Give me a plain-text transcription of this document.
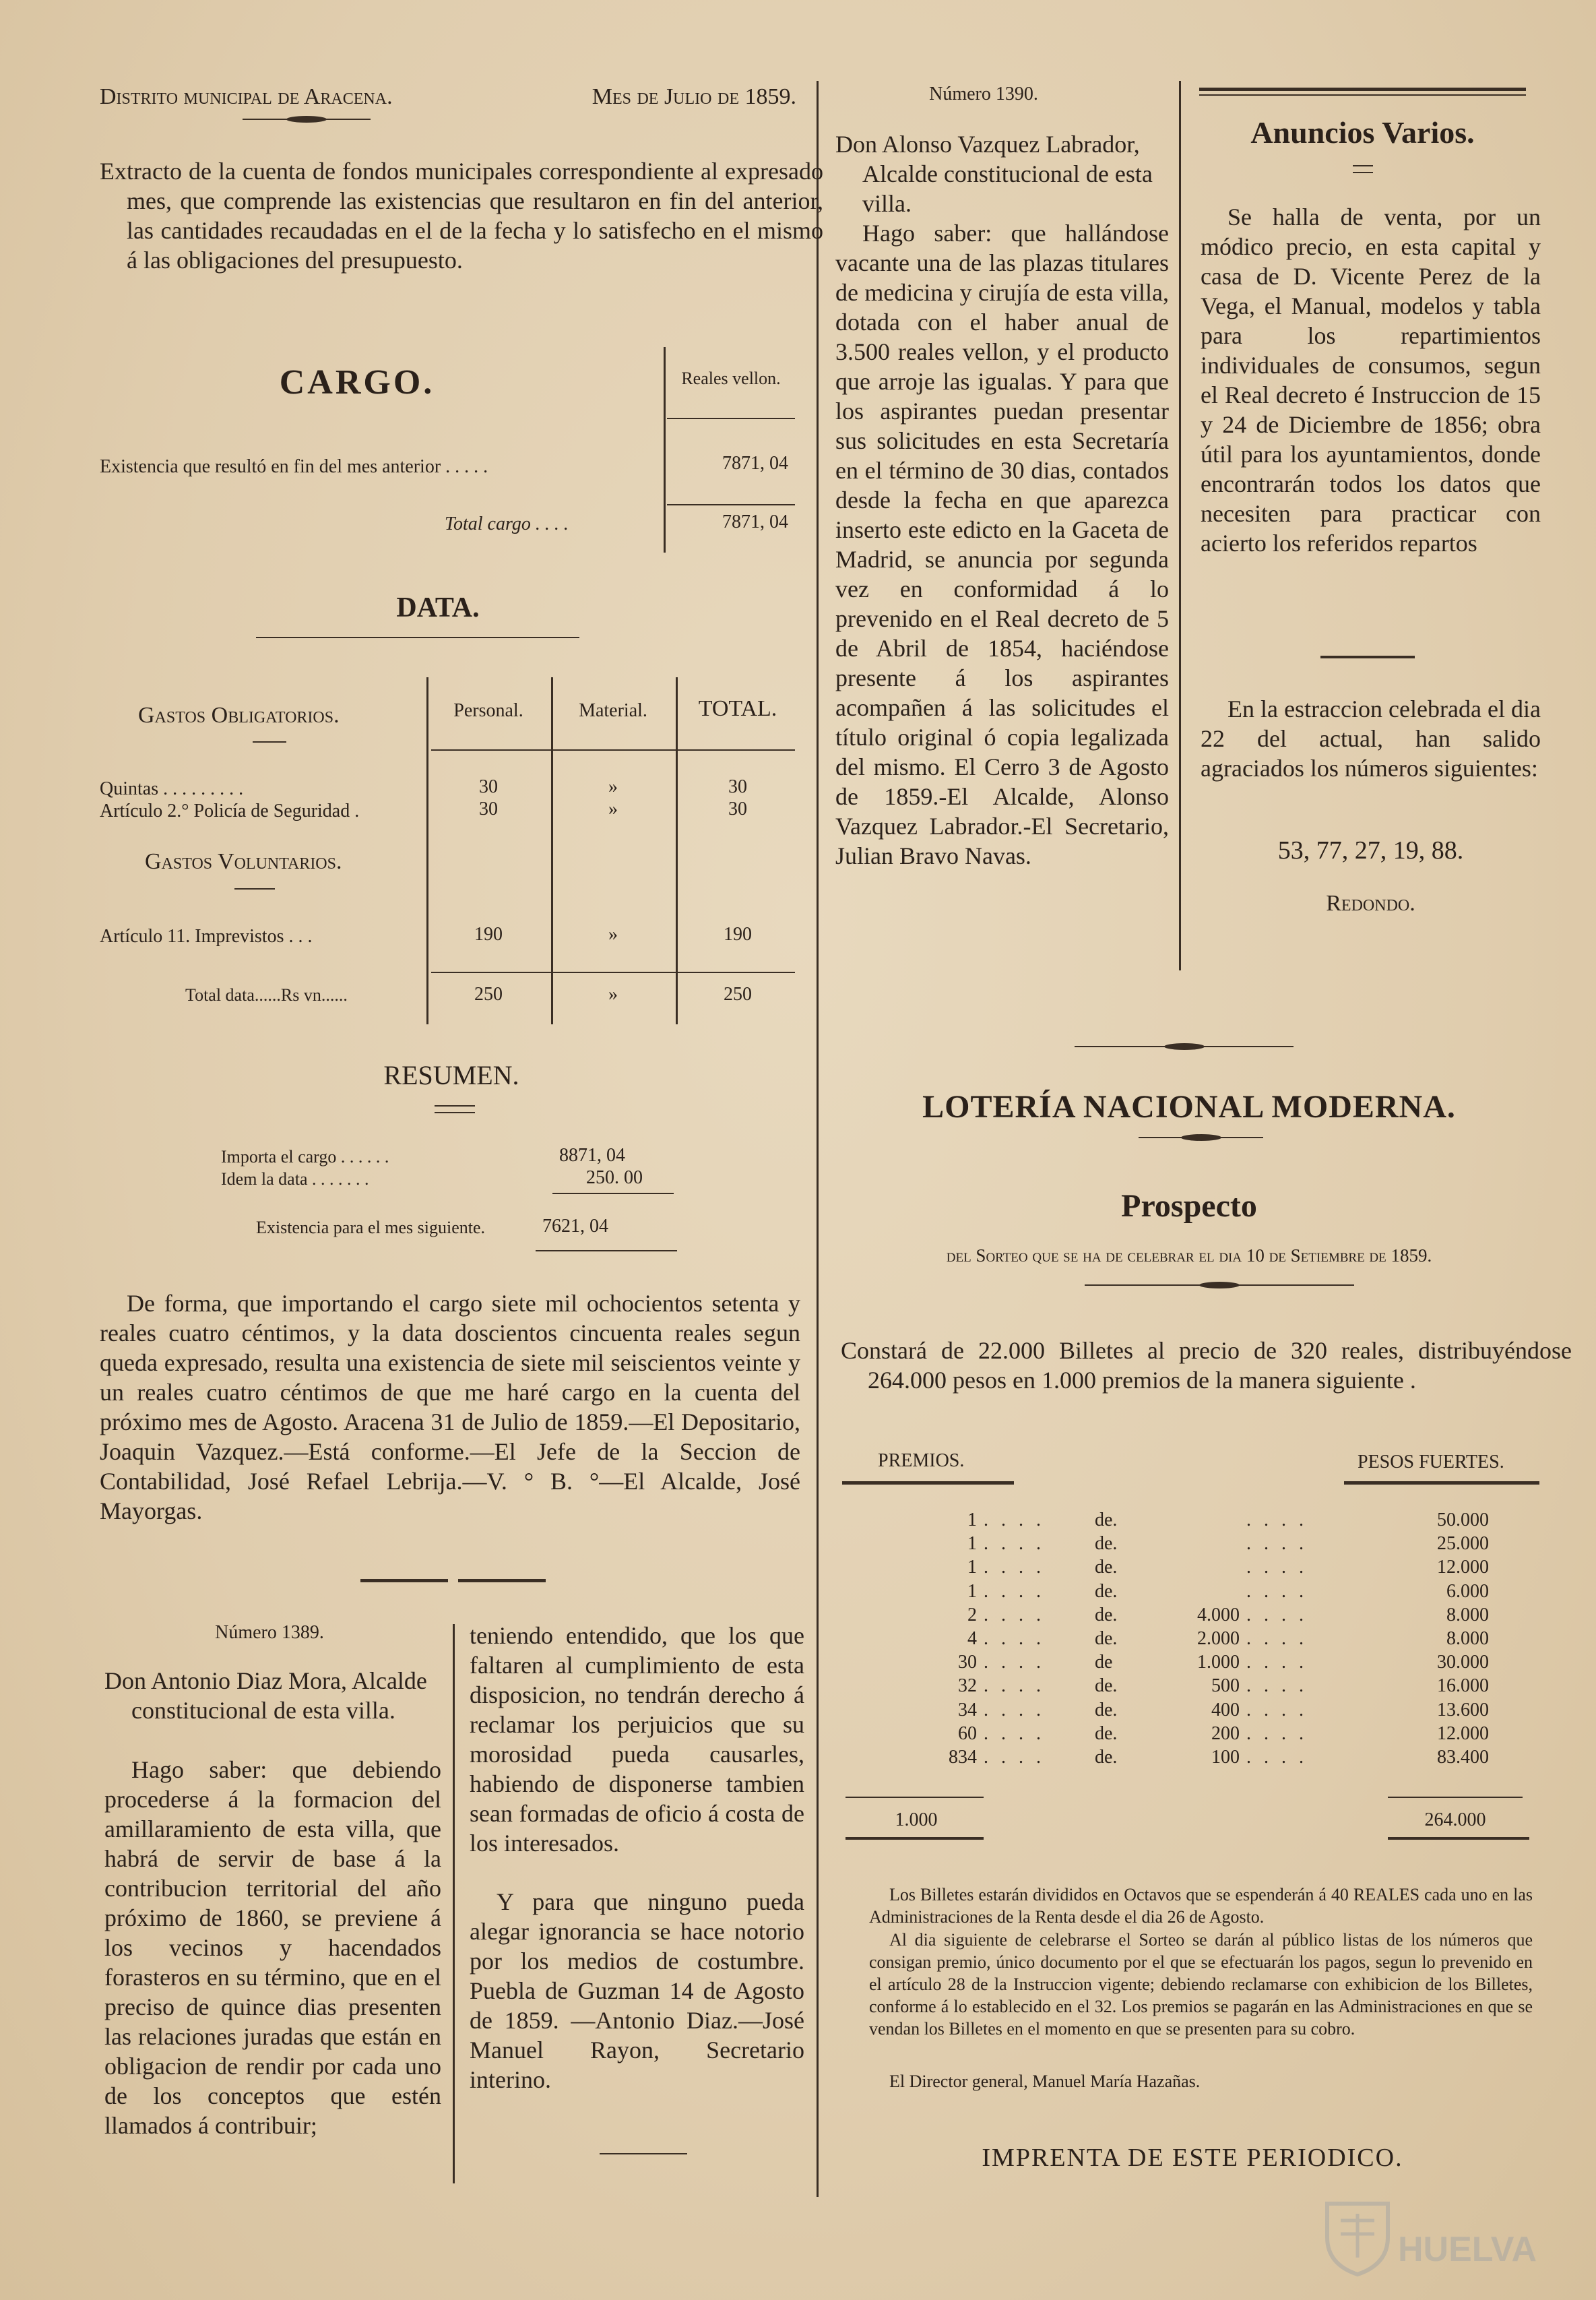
Distrito municipal de Aracena.	Mes de Julio de 1859.	Número 1390.

Extracto de la cuenta de fondos municipales correspondiente al expresado mes, que comprende las existencias que resultaron en fin del anterior, las cantidades recaudadas en el de la fecha y lo satisfecho en el mismo á las obligaciones del presupuesto.

CARGO.	Reales vellon.
Existencia que resultó en fin del mes anterior . . . . .	7871, 04
Total cargo . . . .	7871, 04
DATA.
Gastos Obligatorios.	Personal.	Material.	TOTAL.
Quintas . . . . . . . . .	30	»	30
Artículo 2.° Policía de Seguridad .	30	»	30
Gastos Voluntarios.
Artículo 11. Imprevistos . . .	190	»	190
Total data......Rs vn......	250	»	250
RESUMEN.
Importa el cargo . . . . . .	8871, 04
Idem la data . . . . . . .	250. 00
Existencia para el mes siguiente.	7621, 04

De forma, que importando el cargo siete mil ochocientos setenta y reales cuatro céntimos, y la data doscientos cincuenta reales segun queda expresado, resulta una existencia de siete mil seiscientos veinte y un reales cuatro céntimos de que me haré cargo en la cuenta del próximo mes de Agosto. Aracena 31 de Julio de 1859.—El Depositario, Joaquin Vazquez.—Está conforme.—El Jefe de la Seccion de Contabilidad, José Refael Lebrija.—V. ° B. °—El Alcalde, José Mayorgas.

Número 1389.

Don Antonio Diaz Mora, Alcalde constitucional de esta villa.

Hago saber: que debiendo procederse á la formacion del amillaramiento de esta villa, que habrá de servir de base á la contribucion territorial del año próximo de 1860, se previene á los vecinos y hacendados forasteros en su término, que en el preciso de quince dias presenten las relaciones juradas que están en obligacion de rendir por cada uno de los conceptos que estén llamados á contribuir;

teniendo entendido, que los que faltaren al cumplimiento de esta disposicion, no tendrán derecho á reclamar los perjuicios que su morosidad pueda causarles, habiendo de disponerse tambien sean formadas de oficio á costa de los interesados.

Y para que ninguno pueda alegar ignorancia se hace notorio por los medios de costumbre. Puebla de Guzman 14 de Agosto de 1859. —Antonio Diaz.—José Manuel Rayon, Secretario interino.

Don Alonso Vazquez Labrador, Alcalde constitucional de esta villa.

Hago saber: que hallándose vacante una de las plazas titulares de medicina y cirujía de esta villa, dotada con el haber anual de 3.500 reales vellon, y el producto que arroje las igualas. Y para que los aspirantes puedan presentar sus solicitudes en esta Secretaría en el término de 30 dias, contados desde la fecha en que aparezca inserto este edicto en la Gaceta de Madrid, se anuncia por segunda vez en conformidad á lo prevenido en el Real decreto de 5 de Abril de 1854, haciéndose presente á los aspirantes acompañen á las solicitudes el título original ó copia legalizada del mismo. El Cerro 3 de Agosto de 1859.-El Alcalde, Alonso Vazquez Labrador.-El Secretario, Julian Bravo Navas.

Anuncios Varios.

Se halla de venta, por un módico precio, en esta capital y casa de D. Vicente Perez de la Vega, el Manual, modelos y tabla para los repartimientos individuales de consumos, segun el Real decreto é Instruccion de 15 y 24 de Diciembre de 1856; obra útil para los ayuntamientos, donde encontrarán todos los datos que necesiten para practicar con acierto los referidos repartos

En la estraccion celebrada el dia 22 del actual, han salido agraciados los números siguientes:

53, 77, 27, 19, 88.
Redondo.
LOTERÍA NACIONAL MODERNA.
Prospecto
del Sorteo que se ha de celebrar el dia 10 de Setiembre de 1859.

Constará de 22.000 Billetes al precio de 320 reales, distribuyéndose 264.000 pesos en 1.000 premios de la manera siguiente .

PREMIOS.	PESOS FUERTES.
1 . . . .	de.	. . . .	50.000
1 . . . .	de.	. . . .	25.000
1 . . . .	de.	. . . .	12.000
1 . . . .	de.	. . . .	6.000
2 . . . .	de.	4.000 . . . .	8.000
4 . . . .	de.	2.000 . . . .	8.000
30 . . . .	de	1.000 . . . .	30.000
32 . . . .	de.	500 . . . .	16.000
34 . . . .	de.	400 . . . .	13.600
60 . . . .	de.	200 . . . .	12.000
834 . . . .	de.	100 . . . .	83.400
1.000	264.000

Los Billetes estarán divididos en Octavos que se espenderán á 40 REALES cada uno en las Administraciones de la Renta desde el dia 26 de Agosto.

Al dia siguiente de celebrarse el Sorteo se darán al público listas de los números que consigan premio, único documento por el que se efectuarán los pagos, segun lo prevenido en el artículo 28 de la Instruccion vigente; debiendo reclamarse con exhibicion de los Billetes, conforme á lo establecido en el 32. Los premios se pagarán en las Administraciones en que se vendan los Billetes en el momento en que se presenten para su cobro.

El Director general, Manuel María Hazañas.

IMPRENTA DE ESTE PERIODICO.
HUELVA
